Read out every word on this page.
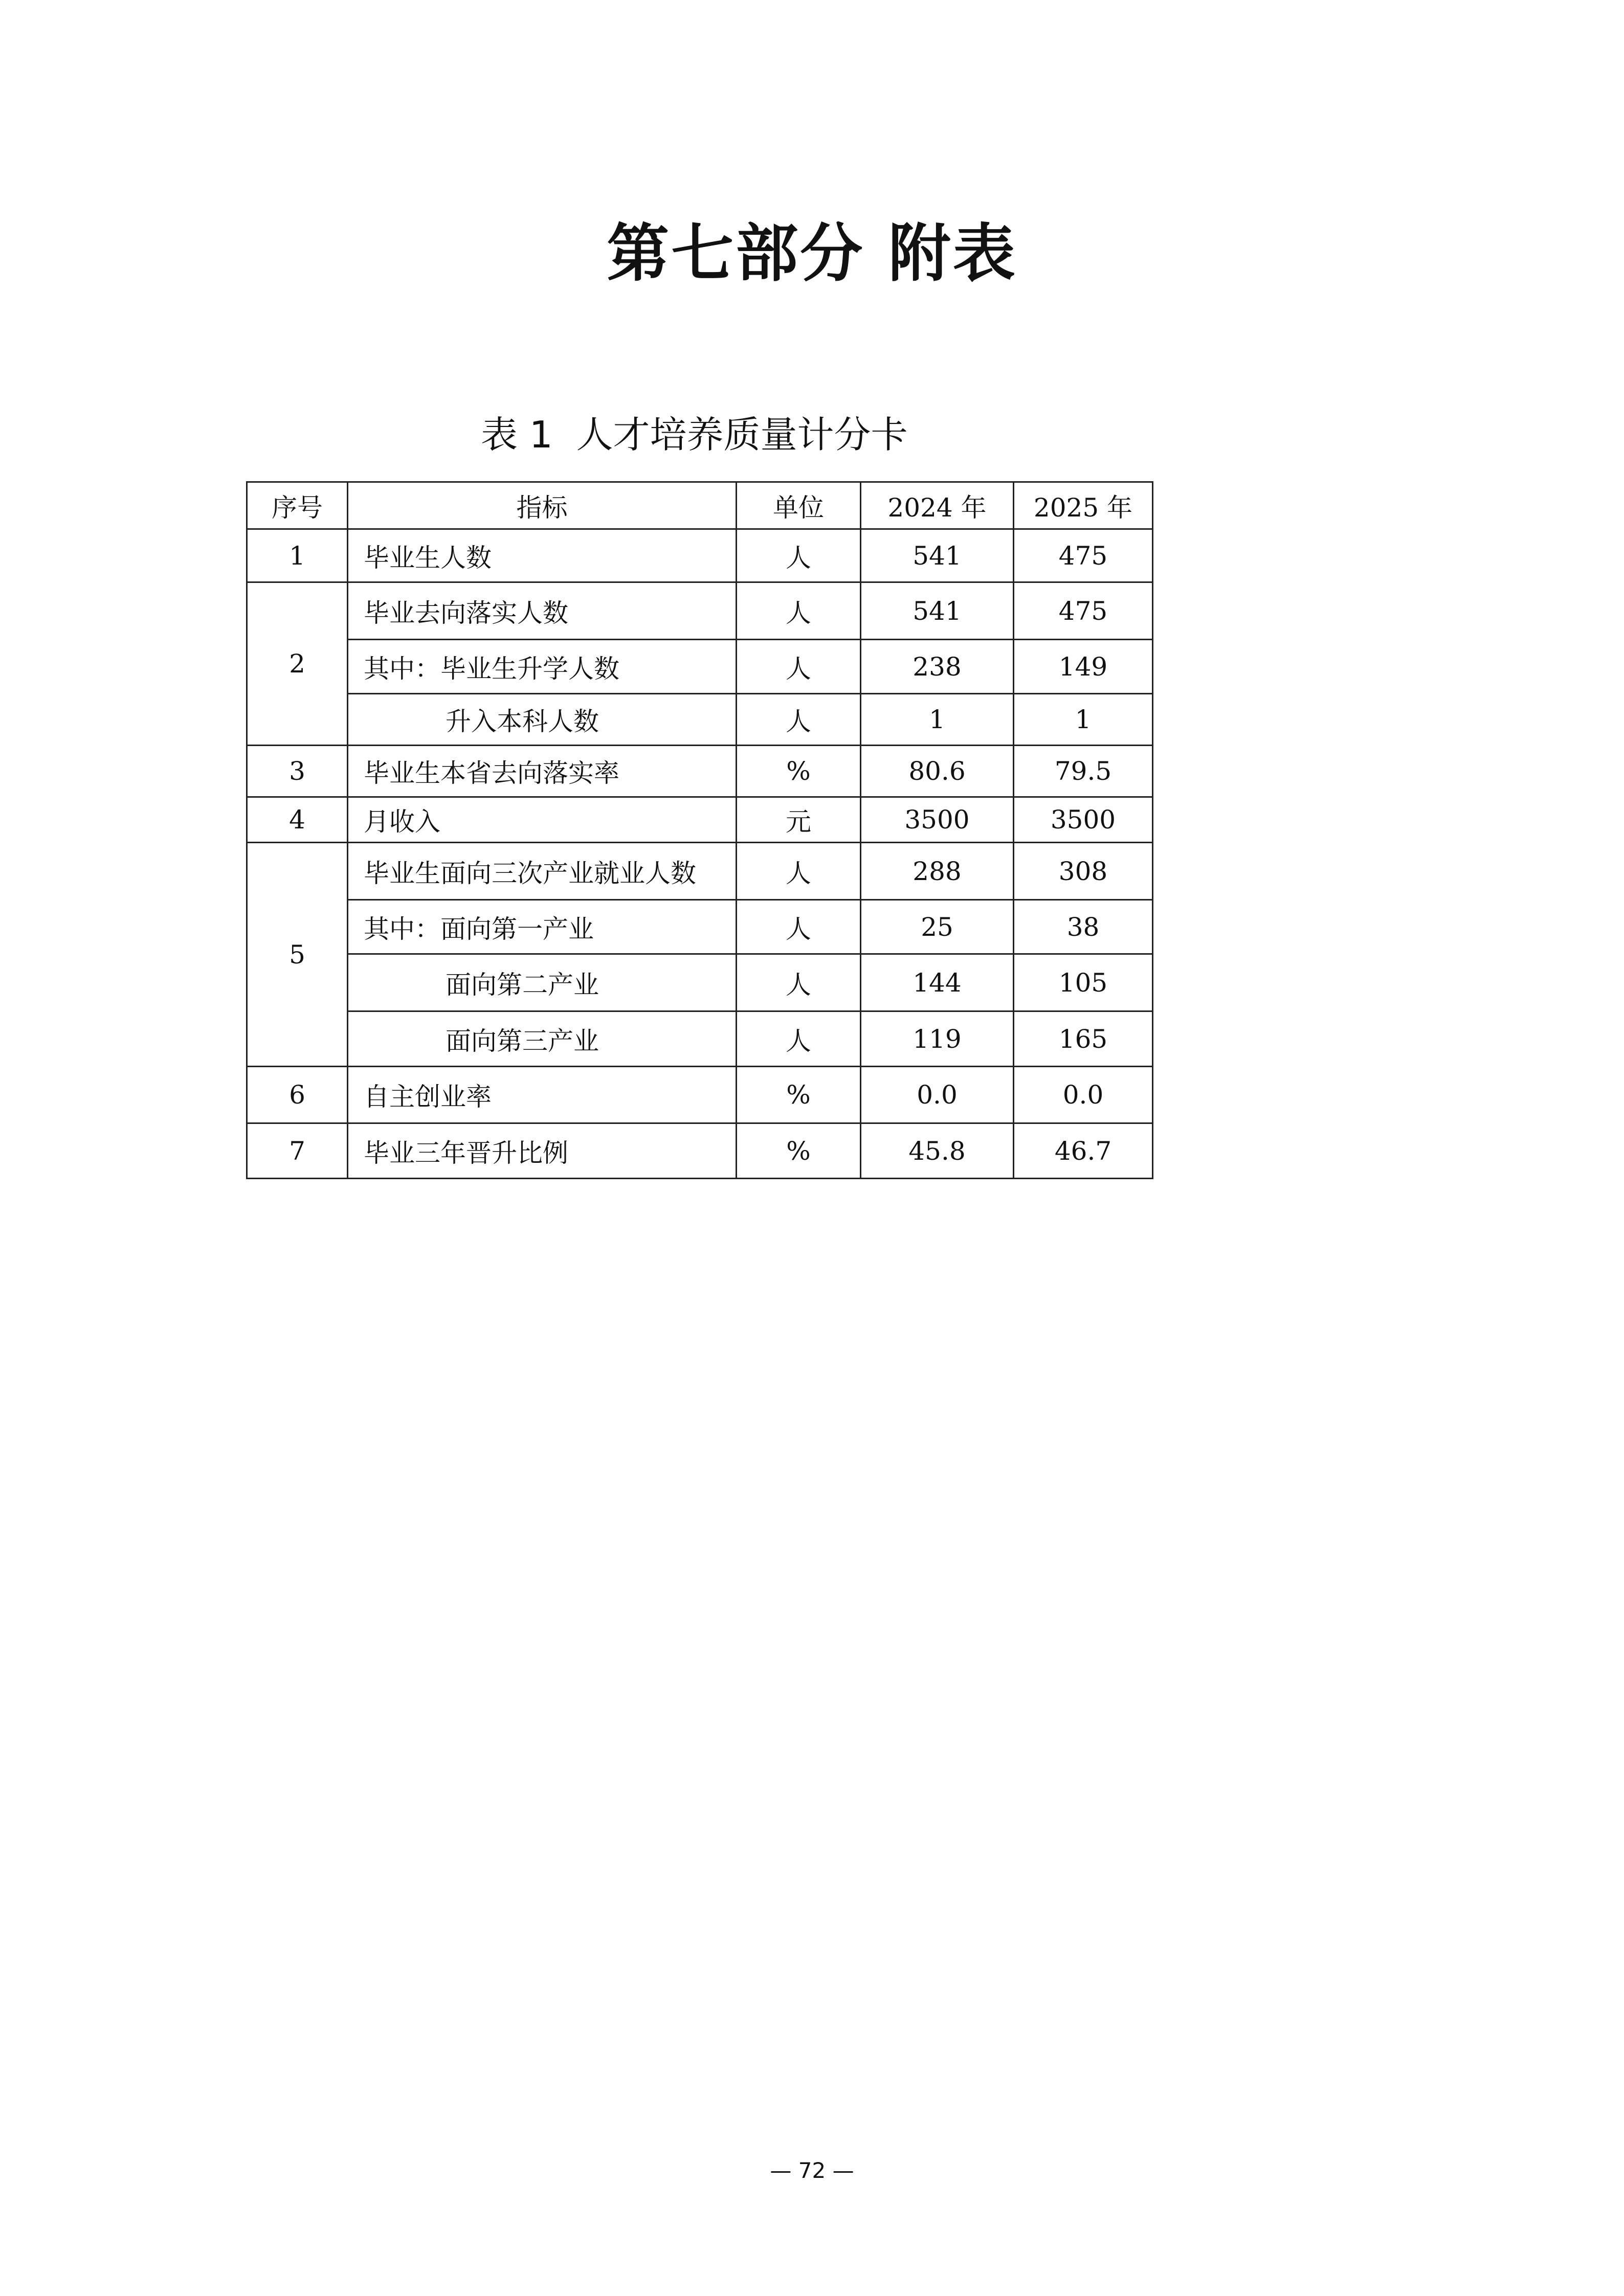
第七部分 附表
表 1  人才培养质量计分卡
序号	指标	单位	2024 年	2025 年
1	毕业生人数	人	541	475
2	毕业去向落实人数	人	541	475
	其中：毕业生升学人数	人	238	149
	升入本科人数	人	1	1
3	毕业生本省去向落实率	%	80.6	79.5
4	月收入	元	3500	3500
5	毕业生面向三次产业就业人数	人	288	308
	其中：面向第一产业	人	25	38
	面向第二产业	人	144	105
	面向第三产业	人	119	165
6	自主创业率	%	0.0	0.0
7	毕业三年晋升比例	%	45.8	46.7
— 72 —
